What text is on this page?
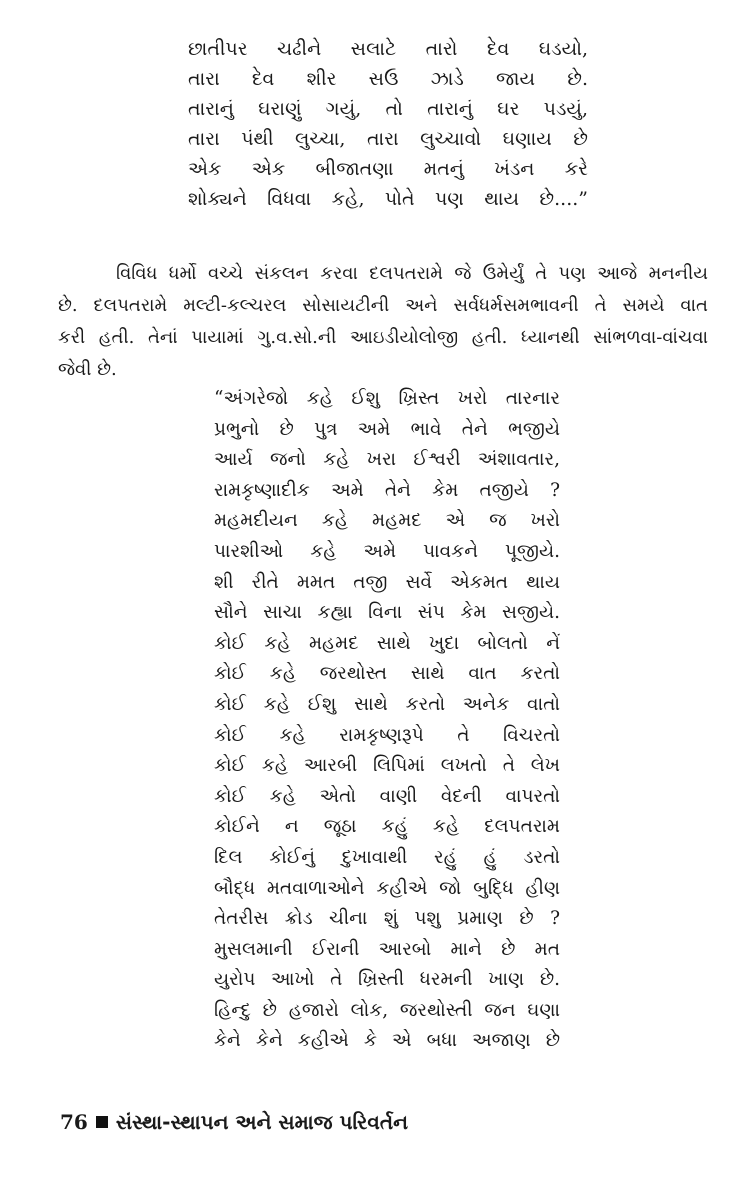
છાતીપર ચઢીને સલાટે તારો દેવ ઘડયો,
તારા દેવ શીર સઉ ઝાડે જાય છે.
તારાનું ઘરાણું ગયું, તો તારાનું ઘર પડયું,
તારા પંથી લુચ્ચા, તારા લુચ્ચાવો ઘણાય છે
એક એક બીજાતણા મતનું ખંડન કરે
શોક્યને વિધવા કહે, પોતે પણ થાય છે....”
વિવિધ ધર્મો વચ્ચે સંકલન કરવા દલપતરામે જે ઉમેર્યું તે પણ આજે મનનીય
છે. દલપતરામે મલ્ટી-કલ્ચરલ સોસાયટીની અને સર્વધર્મસમભાવની તે સમયે વાત
કરી હતી. તેનાં પાયામાં ગુ.વ.સો.ની આઇડીયોલોજી હતી. ધ્યાનથી સાંભળવા-વાંચવા
જેવી છે.
“અંગરેજો કહે ઈશુ ખ્રિસ્ત ખરો તારનાર
પ્રભુનો છે પુત્ર અમે ભાવે તેને ભજીયે
આર્ય જનો કહે ખરા ઈશ્વરી અંશાવતાર,
રામકૃષ્ણાદીક અમે તેને કેમ તજીયે ?
મહમદીયન કહે મહમદ એ જ ખરો
પારશીઓ કહે અમે પાવકને પૂજીયે.
શી રીતે મમત તજી સર્વે એકમત થાય
સૌને સાચા કહ્યા વિના સંપ કેમ સજીયે.
કોઈ કહે મહમદ સાથે ખુદા બોલતો નેં
કોઈ કહે જરથોસ્ત સાથે વાત કરતો
કોઈ કહે ઈશુ સાથે કરતો અનેક વાતો
કોઈ કહે રામકૃષ્ણરૂપે તે વિચરતો
કોઈ કહે આરબી લિપિમાં લખતો તે લેખ
કોઈ કહે એતો વાણી વેદની વાપરતો
કોઈને ન જૂઠા કહું કહે દલપતરામ
દિલ કોઈનું દુખાવાથી રહું હું ડરતો
બૌદ્ધ મતવાળાઓને કહીએ જો બુદ્ધિ હીણ
તેતરીસ ક્રોડ ચીના શું પશુ પ્રમાણ છે ?
મુસલમાની ઈરાની આરબો માને છે મત
યુરોપ આખો તે ખ્રિસ્તી ધરમની ખાણ છે.
હિન્દુ છે હજારો લોક, જરથોસ્તી જન ઘણા
કેને કેને કહીએ કે એ બધા અજાણ છે
76 સંસ્થા-સ્થાપન અને સમાજ પરિવર્તન
